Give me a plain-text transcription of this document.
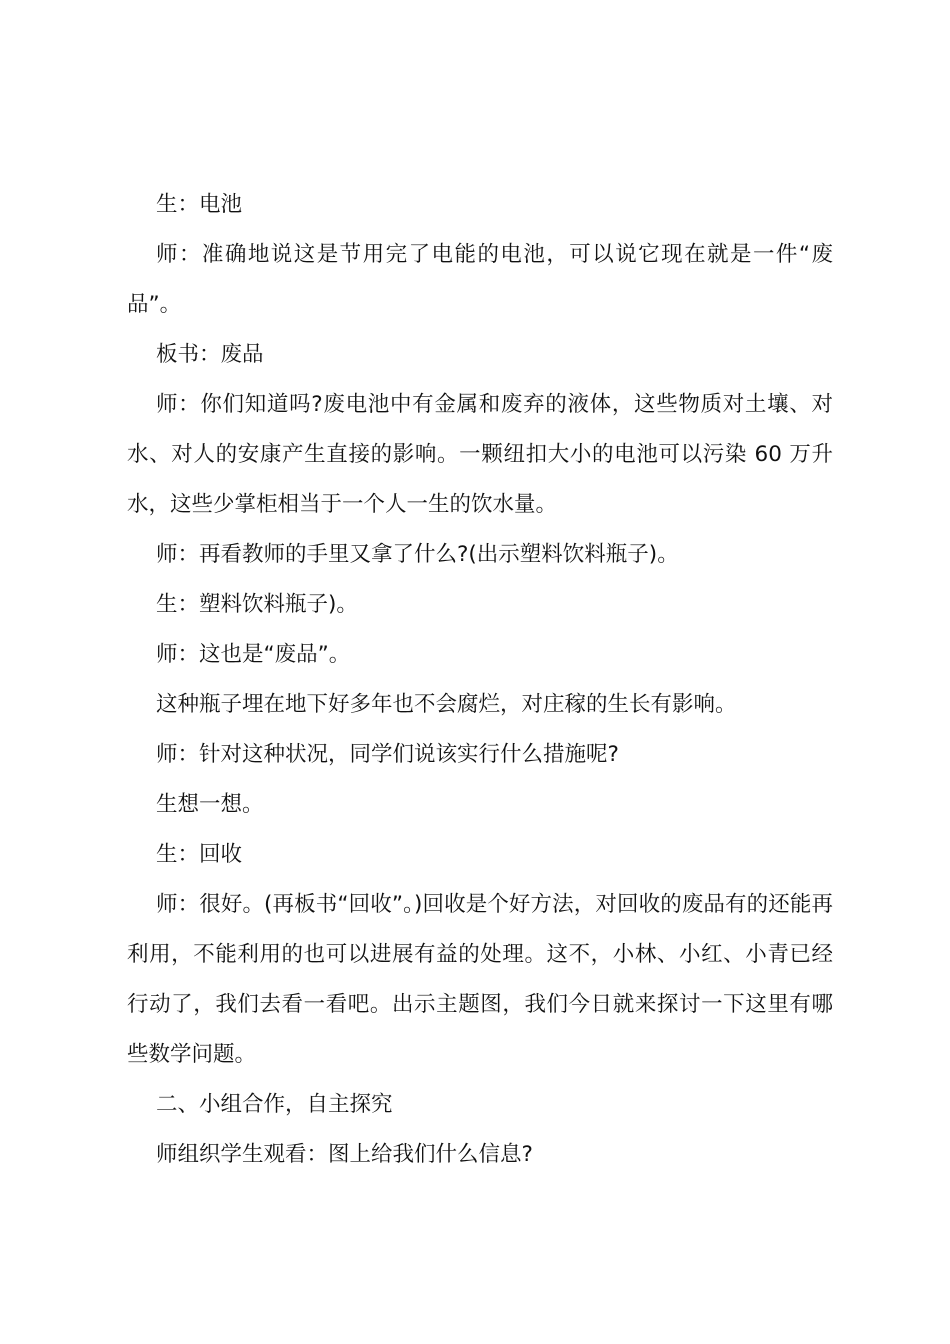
生：电池

师：准确地说这是节用完了电能的电池，可以说它现在就是一件“废品”。

板书：废品

师：你们知道吗?废电池中有金属和废弃的液体，这些物质对土壤、对水、对人的安康产生直接的影响。一颗纽扣大小的电池可以污染 60 万升水，这些少掌柜相当于一个人一生的饮水量。

师：再看教师的手里又拿了什么?(出示塑料饮料瓶子)。

生：塑料饮料瓶子)。

师：这也是“废品”。

这种瓶子埋在地下好多年也不会腐烂，对庄稼的生长有影响。

师：针对这种状况，同学们说该实行什么措施呢?

生想一想。

生：回收

师：很好。(再板书“回收”。)回收是个好方法，对回收的废品有的还能再利用，不能利用的也可以进展有益的处理。这不，小林、小红、小青已经行动了，我们去看一看吧。出示主题图，我们今日就来探讨一下这里有哪些数学问题。

二、小组合作，自主探究

师组织学生观看：图上给我们什么信息?
